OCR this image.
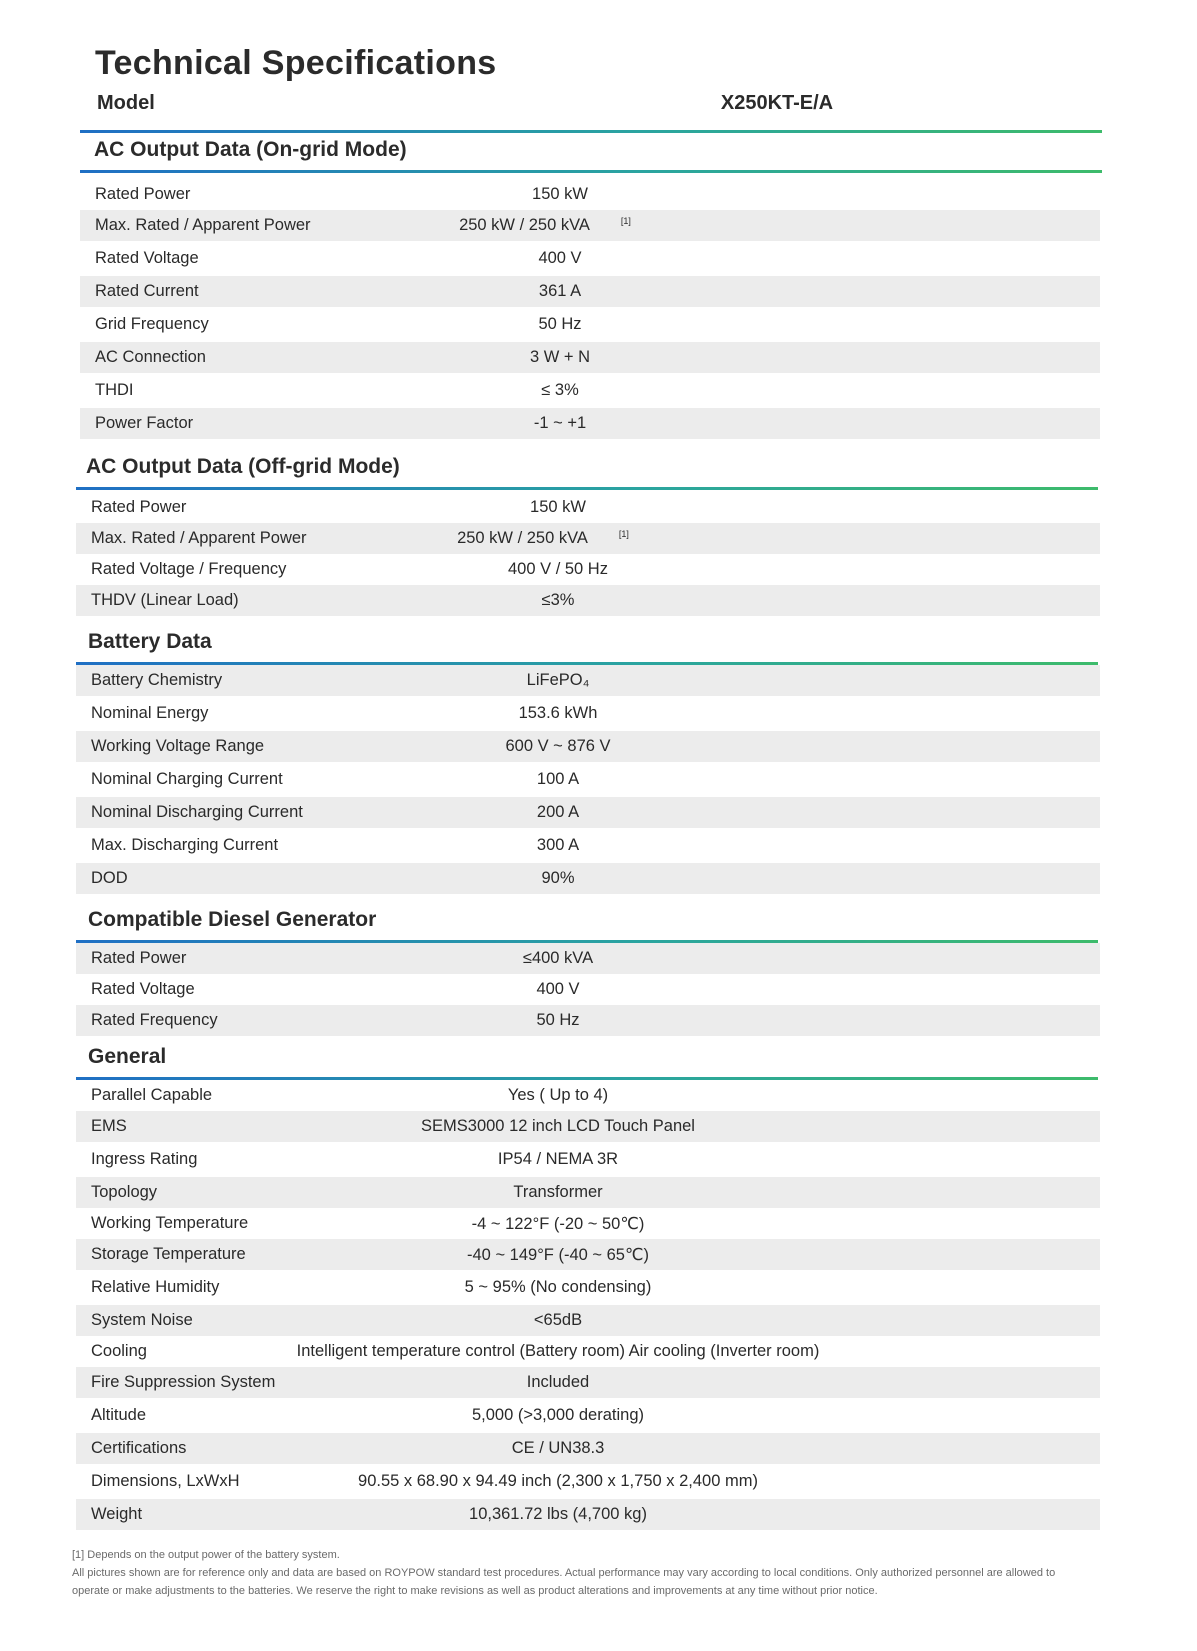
Technical Specifications
Model	X250KT-E/A
AC Output Data (On-grid Mode)
Rated Power	150 kW
Max. Rated / Apparent Power	250 kW / 250 kVA	[1]
Rated Voltage	400 V
Rated Current	361 A
Grid Frequency	50 Hz
AC Connection	3 W + N
THDI	≤ 3%
Power Factor	-1 ~ +1
AC Output Data (Off-grid Mode)
Rated Power	150 kW
Max. Rated / Apparent Power	250 kW / 250 kVA	[1]
Rated Voltage / Frequency	400 V / 50 Hz
THDV (Linear Load)	≤3%
Battery Data
Battery Chemistry	LiFePO₄
Nominal Energy	153.6 kWh
Working Voltage Range	600 V ~ 876 V
Nominal Charging Current	100 A
Nominal Discharging Current	200 A
Max. Discharging Current	300 A
DOD	90%
Compatible Diesel Generator
Rated Power	≤400 kVA
Rated Voltage	400 V
Rated Frequency	50 Hz
General
Parallel Capable	Yes ( Up to 4)
EMS	SEMS3000 12 inch LCD Touch Panel
Ingress Rating	IP54 / NEMA 3R
Topology	Transformer
Working Temperature	-4 ~ 122°F (-20 ~ 50℃)
Storage Temperature	-40 ~ 149°F (-40 ~ 65℃)
Relative Humidity	5 ~ 95% (No condensing)
System Noise	<65dB
Cooling	Intelligent temperature control (Battery room) Air cooling (Inverter room)
Fire Suppression System	Included
Altitude	5,000 (>3,000 derating)
Certifications	CE / UN38.3
Dimensions, LxWxH	90.55 x 68.90 x 94.49 inch (2,300 x 1,750 x 2,400 mm)
Weight	10,361.72 lbs (4,700 kg)
[1] Depends on the output power of the battery system.
All pictures shown are for reference only and data are based on ROYPOW standard test procedures. Actual performance may vary according to local conditions. Only authorized personnel are allowed to operate or make adjustments to the batteries. We reserve the right to make revisions as well as product alterations and improvements at any time without prior notice.
